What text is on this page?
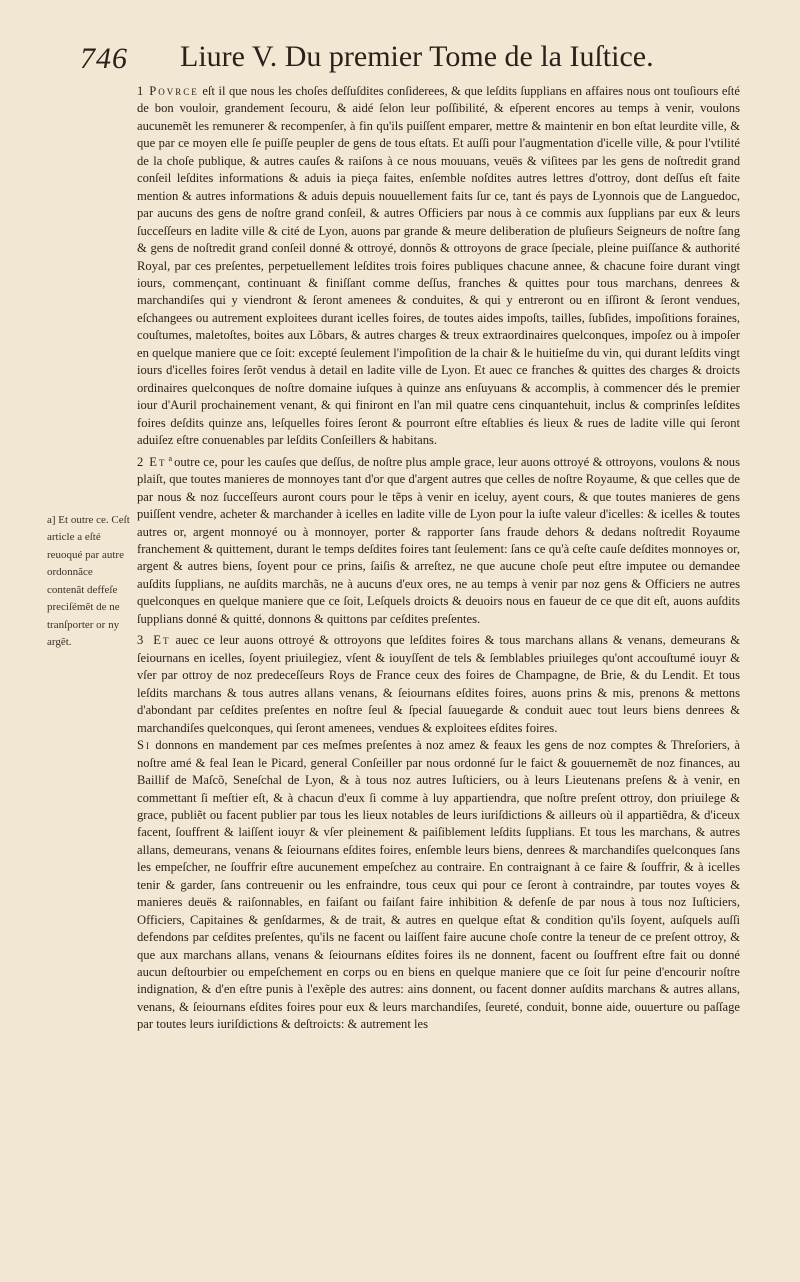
746 Liure V. Du premier Tome de la Iuſtice.
a] Et outre ce. Ceſt article a eſté reuoqué par autre ordonnãce contenãt deffeſe preciſémẽt de ne tranſporter or ny argẽt.

1 Povrce eſt il que nous les choſes deſſuſdites conſiderees, & que leſdits ſupplians en affaires nous ont touſiours eſté de bon vouloir, grandement ſecouru, & aidé ſelon leur poſſibilité, & eſperent encores au temps à venir, voulons aucunemẽt les remunerer & recompenſer, à fin qu'ils puiſſent emparer, mettre & maintenir en bon eſtat leurdite ville, & que par ce moyen elle ſe puiſſe peupler de gens de tous eſtats. Et auſſi pour l'augmentation d'icelle ville, & pour l'vtilité de la choſe publique, & autres cauſes & raiſons à ce nous mouuans, veuës & viſitees par les gens de noſtredit grand conſeil leſdites informations & aduis ia pieça faites, enſemble noſdites autres lettres d'ottroy, dont deſſus eſt faite mention & autres informations & aduis depuis nouuellement faits ſur ce, tant és pays de Lyonnois que de Languedoc, par aucuns des gens de noſtre grand conſeil, & autres Officiers par nous à ce commis aux ſupplians par eux & leurs ſucceſſeurs en ladite ville & cité de Lyon, auons par grande & meure deliberation de pluſieurs Seigneurs de noſtre ſang & gens de noſtredit grand conſeil donné & ottroyé, donnõs & ottroyons de grace ſpeciale, pleine puiſſance & authorité Royal, par ces preſentes, perpetuellement leſdites trois foires publiques chacune annee, & chacune foire durant vingt iours, commençant, continuant & finiſſant comme deſſus, franches & quittes pour tous marchans, denrees & marchandiſes qui y viendront & ſeront amenees & conduites, & qui y entreront ou en iſſiront & ſeront vendues, eſchangees ou autrement exploitees durant icelles foires, de toutes aides impoſts, tailles, ſubſides, impoſitions foraines, couſtumes, maletoſtes, boites aux Lõbars, & autres charges & treux extraordinaires quelconques, impoſez ou à impoſer en quelque maniere que ce ſoit: excepté ſeulement l'impoſition de la chair & le huitieſme du vin, qui durant leſdits vingt iours d'icelles foires ſerõt vendus à detail en ladite ville de Lyon. Et auec ce franches & quittes des charges & droicts ordinaires quelconques de noſtre domaine iuſques à quinze ans enſuyuans & accomplis, à commencer dés le premier iour d'Auril prochainement venant, & qui finiront en l'an mil quatre cens cinquantehuit, inclus & comprinſes leſdites foires deſdits quinze ans, leſquelles foires ſeront & pourront eſtre eſtablies és lieux & rues de ladite ville qui ſeront aduiſez eſtre conuenables par leſdits Conſeillers & habitans.

2 Et $^a$ outre ce, pour les cauſes que deſſus, de noſtre plus ample grace, leur auons ottroyé & ottroyons, voulons & nous plaiſt, que toutes manieres de monnoyes tant d'or que d'argent autres que celles de noſtre Royaume, & que celles que de par nous & noz ſucceſſeurs auront cours pour le tẽps à venir en iceluy, ayent cours, & que toutes manieres de gens puiſſent vendre, acheter & marchander à icelles en ladite ville de Lyon pour la iuſte valeur d'icelles: & icelles & toutes autres or, argent monnoyé ou à monnoyer, porter & rapporter ſans fraude dehors & dedans noſtredit Royaume franchement & quittement, durant le temps deſdites foires tant ſeulement: ſans ce qu'à ceſte cauſe deſdites monnoyes or, argent & autres biens, ſoyent pour ce prins, ſaiſis & arreſtez, ne que aucune choſe peut eſtre imputee ou demandee auſdits ſupplians, ne auſdits marchãs, ne à aucuns d'eux ores, ne au temps à venir par noz gens & Officiers ne autres quelconques en quelque maniere que ce ſoit, Leſquels droicts & deuoirs nous en faueur de ce que dit eſt, auons auſdits ſupplians donné & quitté, donnons & quittons par ceſdites preſentes.

3 Et auec ce leur auons ottroyé & ottroyons que leſdites foires & tous marchans allans & venans, demeurans & ſeiournans en icelles, ſoyent priuilegiez, vſent & iouyſſent de tels & ſemblables priuileges qu'ont accouſtumé iouyr & vſer par ottroy de noz predeceſſeurs Roys de France ceux des foires de Champagne, de Brie, & du Lendit. Et tous leſdits marchans & tous autres allans venans, & ſeiournans eſdites foires, auons prins & mis, prenons & mettons d'abondant par ceſdites preſentes en noſtre ſeul & ſpecial ſauuegarde & conduit auec tout leurs biens denrees & marchandiſes quelconques, qui ſeront amenees, vendues & exploitees eſdites foires.

Si donnons en mandement par ces meſmes preſentes à noz amez & feaux les gens de noz comptes & Threſoriers, à noſtre amé & feal Iean le Picard, general Conſeiller par nous ordonné ſur le faict & gouuernemẽt de noz finances, au Baillif de Maſcõ, Seneſchal de Lyon, & à tous noz autres Iuſticiers, ou à leurs Lieutenans preſens & à venir, en commettant ſi meſtier eſt, & à chacun d'eux ſi comme à luy appartiendra, que noſtre preſent ottroy, don priuilege & grace, publiẽt ou facent publier par tous les lieux notables de leurs iuriſdictions & ailleurs où il appartiẽdra, & d'iceux facent, ſouffrent & laiſſent iouyr & vſer pleinement & paiſiblement leſdits ſupplians. Et tous les marchans, & autres allans, demeurans, venans & ſeiournans eſdites foires, enſemble leurs biens, denrees & marchandiſes quelconques ſans les empeſcher, ne ſouffrir eſtre aucunement empeſchez au contraire. En contraignant à ce faire & ſouffrir, & à icelles tenir & garder, ſans contreuenir ou les enfraindre, tous ceux qui pour ce ſeront à contraindre, par toutes voyes & manieres deuës & raiſonnables, en faiſant ou faiſant faire inhibition & defenſe de par nous à tous noz Iuſticiers, Officiers, Capitaines & genſdarmes, & de trait, & autres en quelque eſtat & condition qu'ils ſoyent, auſquels auſſi defendons par ceſdites preſentes, qu'ils ne facent ou laiſſent faire aucune choſe contre la teneur de ce preſent ottroy, & que aux marchans allans, venans & ſeiournans eſdites foires ils ne donnent, facent ou ſouffrent eſtre fait ou donné aucun deſtourbier ou empeſchement en corps ou en biens en quelque maniere que ce ſoit ſur peine d'encourir noſtre indignation, & d'en eſtre punis à l'exẽple des autres: ains donnent, ou facent donner auſdits marchans & autres allans, venans, & ſeiournans eſdites foires pour eux & leurs marchandiſes, ſeureté, conduit, bonne aide, ouuerture ou paſſage par toutes leurs iuriſdictions & deſtroicts: & autrement les
